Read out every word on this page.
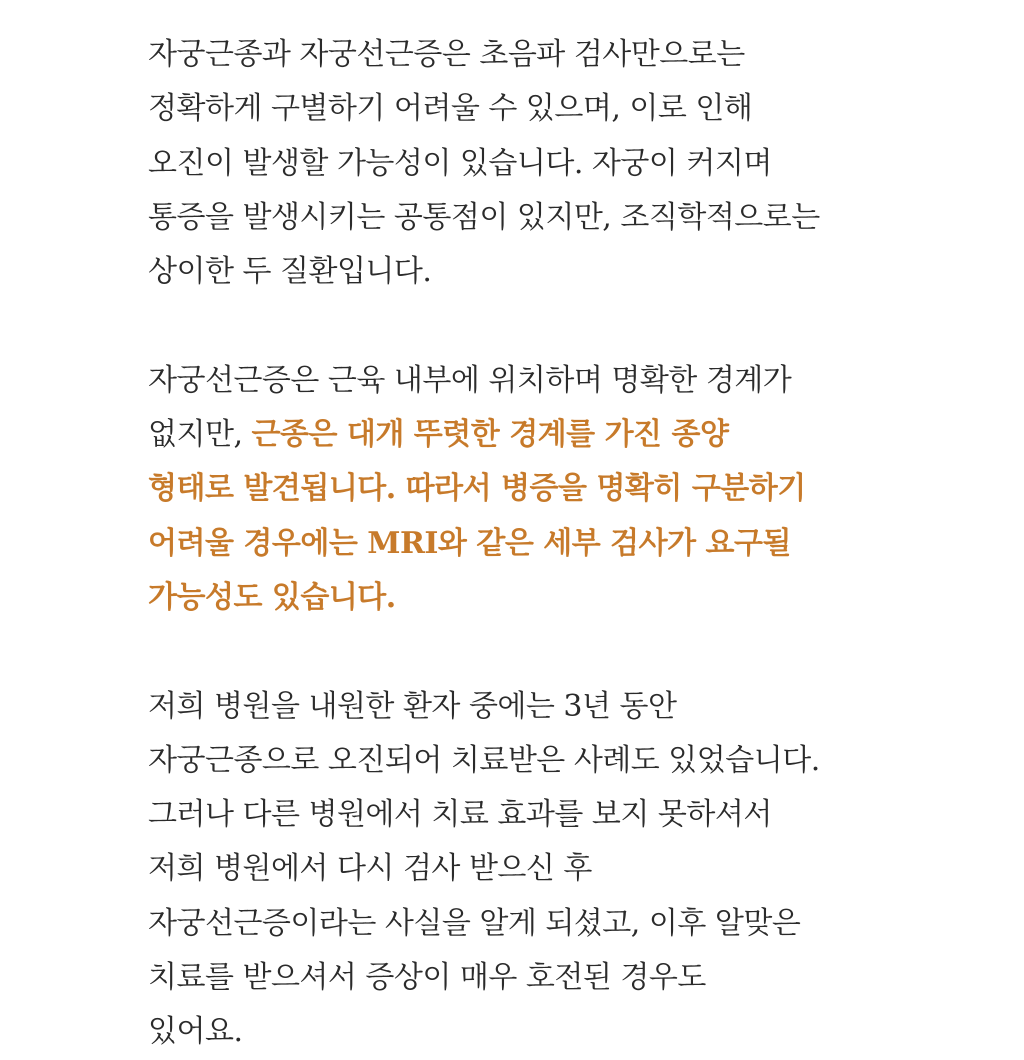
자궁근종과 자궁선근증은 초음파 검사만으로는
정확하게 구별하기 어려울 수 있으며, 이로 인해
오진이 발생할 가능성이 있습니다. 자궁이 커지며
통증을 발생시키는 공통점이 있지만, 조직학적으로는
상이한 두 질환입니다.
자궁선근증은 근육 내부에 위치하며 명확한 경계가
없지만, 근종은 대개 뚜렷한 경계를 가진 종양
형태로 발견됩니다. 따라서 병증을 명확히 구분하기
어려울 경우에는 MRI와 같은 세부 검사가 요구될
가능성도 있습니다.
저희 병원을 내원한 환자 중에는 3년 동안
자궁근종으로 오진되어 치료받은 사례도 있었습니다.
그러나 다른 병원에서 치료 효과를 보지 못하셔서
저희 병원에서 다시 검사 받으신 후
자궁선근증이라는 사실을 알게 되셨고, 이후 알맞은
치료를 받으셔서 증상이 매우 호전된 경우도
있어요.
